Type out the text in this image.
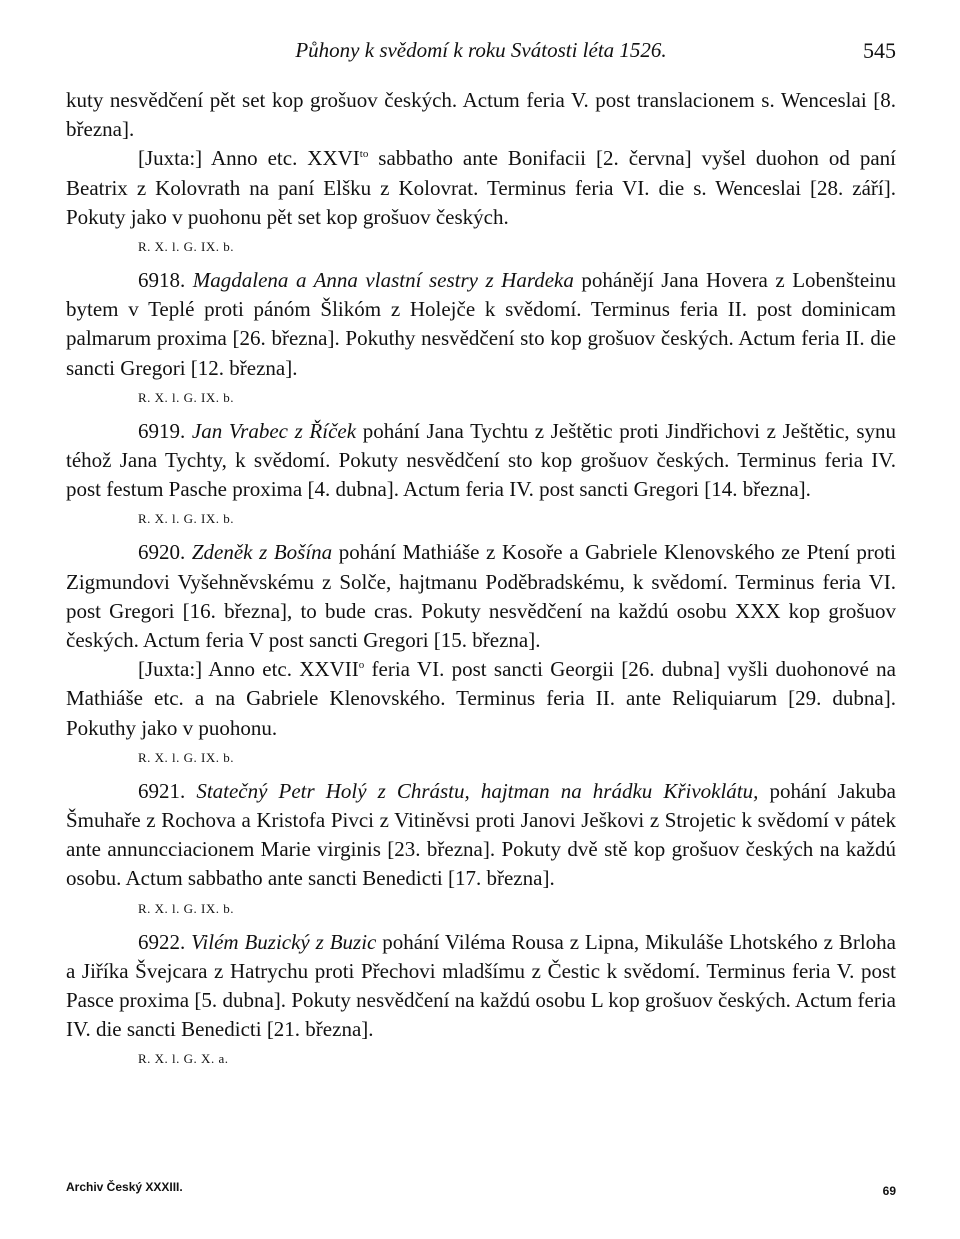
Půhony k svědomí k roku Svátosti léta 1526.	545

kuty nesvědčení pět set kop grošuov českých. Actum feria V. post translacionem s. Wenceslai [8. března].

[Juxta:] Anno etc. $XXVI^{to}$ sabbatho ante Bonifacii [2. června] vyšel duohon od paní Beatrix z Kolovrath na paní Elšku z Kolovrat. Terminus feria VI. die s. Wenceslai [28. září]. Pokuty jako v puohonu pět set kop grošuov českých.

R. X. l. G. IX. b.

6918. Magdalena a Anna vlastní sestry z Hardeka pohánějí Jana Hovera z Lobenšteinu bytem v Teplé proti pánóm Šlikóm z Holejče k svědomí. Terminus feria II. post dominicam palmarum proxima [26. března]. Pokuthy nesvědčení sto kop grošuov českých. Actum feria II. die sancti Gregori [12. března].

R. X. l. G. IX. b.

6919. Jan Vrabec z Říček pohání Jana Tychtu z Ještětic proti Jindřichovi z Ještětic, synu téhož Jana Tychty, k svědomí. Pokuty nesvědčení sto kop grošuov českých. Terminus feria IV. post festum Pasche proxima [4. dubna]. Actum feria IV. post sancti Gregori [14. března].

R. X. l. G. IX. b.

6920. Zdeněk z Bošína pohání Mathiáše z Kosoře a Gabriele Klenovského ze Ptení proti Zigmundovi Vyšehněvskému z Solče, hajtmanu Poděbradskému, k svědomí. Terminus feria VI. post Gregori [16. března], to bude cras. Pokuty nesvědčení na každú osobu XXX kop grošuov českých. Actum feria V post sancti Gregori [15. března].

[Juxta:] Anno etc. XXVII$^o$ feria VI. post sancti Georgii [26. dubna] vyšli duohonové na Mathiáše etc. a na Gabriele Klenovského. Terminus feria II. ante Reliquiarum [29. dubna]. Pokuthy jako v puohonu.

R. X. l. G. IX. b.

6921. Statečný Petr Holý z Chrástu, hajtman na hrádku Křivoklátu, pohání Jakuba Šmuhaře z Rochova a Kristofa Pivci z Vitiněvsi proti Janovi Ješkovi z Strojetic k svědomí v pátek ante annuncciacionem Marie virginis [23. března]. Pokuty dvě stě kop grošuov českých na každú osobu. Actum sabbatho ante sancti Benedicti [17. března].

R. X. l. G. IX. b.

6922. Vilém Buzický z Buzic pohání Viléma Rousa z Lipna, Mikuláše Lhotského z Brloha a Jiříka Švejcara z Hatrychu proti Přechovi mladšímu z Čestic k svědomí. Terminus feria V. post Pasce proxima [5. dubna]. Pokuty nesvědčení na každú osobu L kop grošuov českých. Actum feria IV. die sancti Benedicti [21. března].

R. X. l. G. X. a.
Archiv Český XXXIII.	69
